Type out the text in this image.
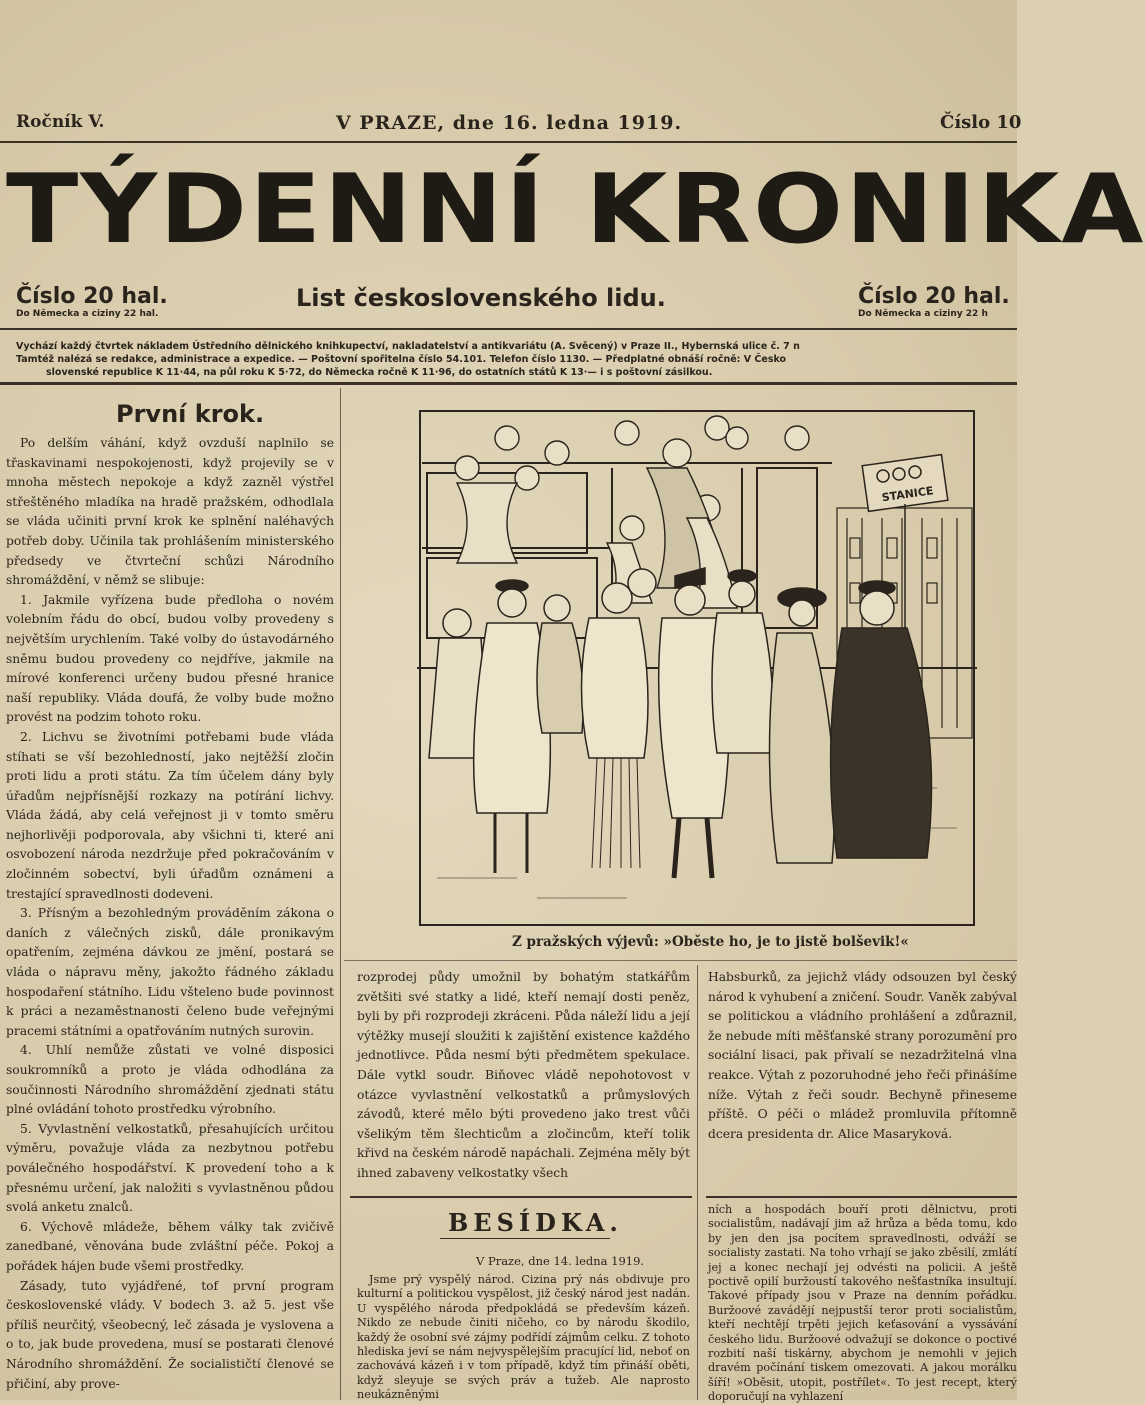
Ročník V.	V PRAZE, dne 16. ledna 1919.	Číslo 10
TÝDENNÍ KRONIKA
Číslo 20 hal.
Do Německa a ciziny 22 hal.
List československého lidu.	Číslo 20 hal.
Do Německa a ciziny 22 h
Vychází každý čtvrtek nákladem Ústředního dělnického knihkupectví, nakladatelství a antikvariátu (A. Svěcený) v Praze II., Hybernská ulice č. 7 n
Tamtéž nalézá se redakce, administrace a expedice. — Poštovní spořitelna číslo 54.101. Telefon číslo 1130. — Předplatné obnáší ročně: V Česko
slovenské republice K 11·44, na půl roku K 5·72, do Německa ročně K 11·96, do ostatních států K 13·— i s poštovní zásilkou.
První krok.

Po delším váhání, když ovzduší naplnilo se třaskavinami nespokojenosti, když projevily se v mnoha městech nepokoje a když zazněl výstřel střeštěného mladíka na hradě pražském, odhodlala se vláda učiniti první krok ke splnění naléhavých potřeb doby. Učinila tak prohlášením ministerského předsedy ve čtvrteční schůzi Národního shromáždění, v němž se slibuje:

1. Jakmile vyřízena bude předloha o novém volebním řádu do obcí, budou volby provedeny s největším urychlením. Také volby do ústavodárného sněmu budou provedeny co nejdříve, jakmile na mírové konferenci určeny budou přesné hranice naší republiky. Vláda doufá, že volby bude možno provést na podzim tohoto roku.

2. Lichvu se životními potřebami bude vláda stíhati se vší bezohledností, jako nejtěžší zločin proti lidu a proti státu. Za tím účelem dány byly úřadům nejpřísnější rozkazy na potírání lichvy. Vláda žádá, aby celá veřejnost ji v tomto směru nejhorlivěji podporovala, aby všichni ti, které ani osvobození národa nezdržuje před pokračováním v zločinném sobectví, byli úřadům oznámeni a trestající spravedlnosti dodeveni.

3. Přísným a bezohledným prováděním zákona o daních z válečných zisků, dále pronikavým opatřením, zejména dávkou ze jmění, postará se vláda o nápravu měny, jakožto řádného základu hospodaření státního. Lidu všteleno bude povinnost k práci a nezaměstnanosti čeleno bude veřejnými pracemi státními a opatřováním nutných surovin.

4. Uhlí nemůže zůstati ve volné disposici soukromníků a proto je vláda odhodlána za součinnosti Národního shromáždění zjednati státu plné ovládání tohoto prostředku výrobního.

5. Vyvlastnění velkostatků, přesahujících určitou výměru, považuje vláda za nezbytnou potřebu poválečného hospodářství. K provedení toho a k přesnému určení, jak naložiti s vyvlastněnou půdou svolá anketu znalců.

6. Výchově mládeže, během války tak zvičivě zanedbané, věnována bude zvláštní péče. Pokoj a pořádek hájen bude všemi prostředky.

Zásady, tuto vyjádřené, tof první program československé vlády. V bodech 3. až 5. jest vše příliš neurčitý, všeobecný, leč zásada je vyslovena a o to, jak bude provedena, musí se postarati členové Národního shromáždění. Že socialističtí členové se přičiní, aby prove-

STANICE
Z pražských výjevů: »Oběste ho, je to jistě bolševik!«

rozprodej půdy umožnil by bohatým statkářům zvětšiti své statky a lidé, kteří nemají dosti peněz, byli by při rozprodeji zkráceni. Půda náleží lidu a její výtěžky musejí sloužiti k zajištění existence každého jednotlivce. Půda nesmí býti předmětem spekulace. Dále vytkl soudr. Biňovec vládě nepohotovost v otázce vyvlastnění velkostatků a průmyslových závodů, které mělo býti provedeno jako trest vůči všelikým těm šlechticům a zločincům, kteří tolik křivd na českém národě napáchali. Zejména měly být ihned zabaveny velkostatky všech

Habsburků, za jejichž vlády odsouzen byl český národ k vyhubení a zničení. Soudr. Vaněk zabýval se politickou a vládního prohlášení a zdůraznil, že nebude míti měšťanské strany porozumění pro sociální lisaci, pak přivalí se nezadržitelná vlna reakce. Výtah z pozoruhodné jeho řeči přinášíme níže. Výtah z řeči soudr. Bechyně přineseme příště. O péči o mládež promluvila přítomně dcera presidenta dr. Alice Masaryková.

BESÍDKA.
V Praze, dne 14. ledna 1919.

Jsme prý vyspělý národ. Cizina prý nás obdivuje pro kulturní a politickou vyspělost, již český národ jest nadán. U vyspělého národa předpokládá se především kázeň. Nikdo ze nebude činiti ničeho, co by národu škodilo, každý že osobní své zájmy podřídí zájmům celku. Z tohoto hlediska jeví se nám nejvyspělejším pracující lid, neboť on zachovává kázeň i v tom případě, když tím přináší oběti, když sleyuje se svých práv a tužeb. Ale naprosto neukázněnými

ních a hospodách bouří proti dělnictvu, proti socialistům, nadávají jim až hrůza a běda tomu, kdo by jen den jsa pocítem spravedlnosti, odváží se socialisty zastati. Na toho vrhají se jako zběsilí, zmlátí jej a konec nechají jej odvésti na policii. A ještě poctivě opilí buržoustí takového nešťastníka insultují. Takové případy jsou v Praze na denním pořádku. Buržoové zavádějí nejpustší teror proti socialistům, kteří nechtějí trpěti jejich keťasování a vyssávání českého lidu. Buržoové odvažují se dokonce o poctivé rozbití naší tiskárny, abychom je nemohli v jejich dravém počínání tiskem omezovati. A jakou morálku šíří! »Oběsit, utopit, postřílet«. To jest recept, který doporučují na vyhlazení
